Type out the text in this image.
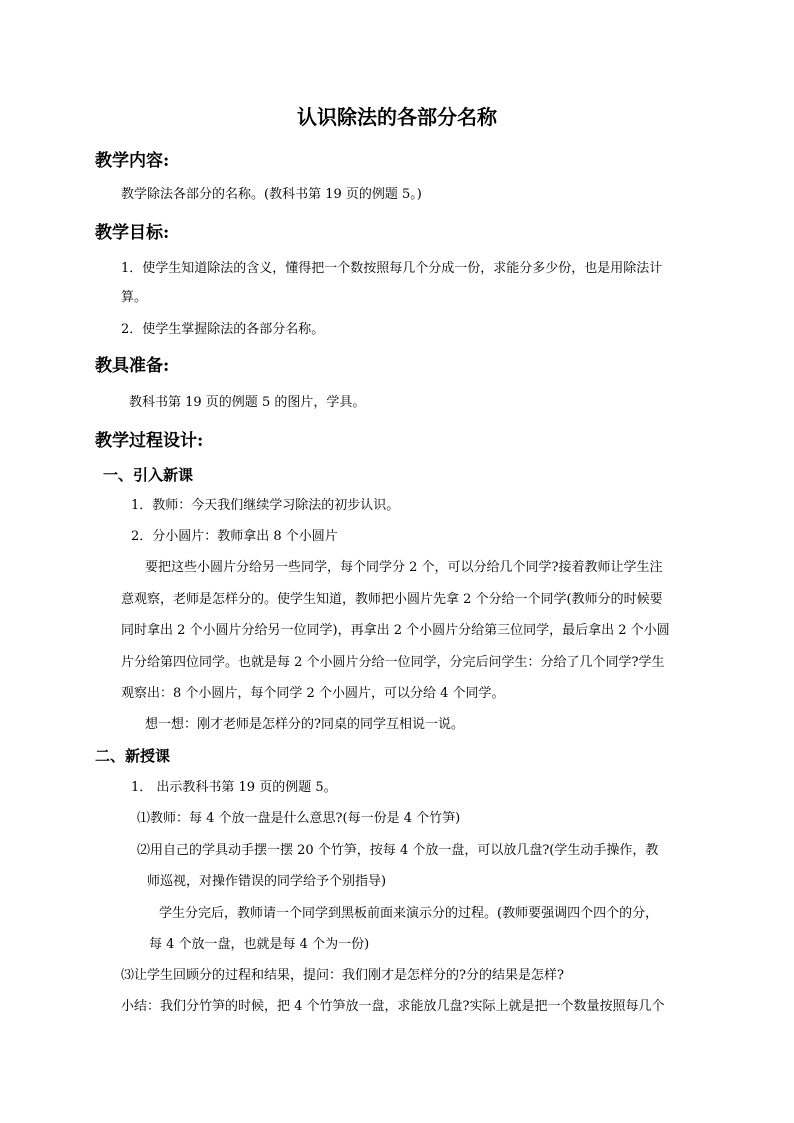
认识除法的各部分名称
教学内容:
教学除法各部分的名称。(教科书第 19 页的例题 5。)
教学目标:
1．使学生知道除法的含义，懂得把一个数按照每几个分成一份，求能分多少份，也是用除法计
算。
2．使学生掌握除法的各部分名称。
教具准备:
教科书第 19 页的例题 5 的图片，学具。
教学过程设计:
一、引入新课
1．教师：今天我们继续学习除法的初步认识。
2．分小圆片：教师拿出 8 个小圆片
要把这些小圆片分给另一些同学，每个同学分 2 个，可以分给几个同学?接着教师让学生注
意观察，老师是怎样分的。使学生知道，教师把小圆片先拿 2 个分给一个同学(教师分的时候要
同时拿出 2 个小圆片分给另一位同学)，再拿出 2 个小圆片分给第三位同学，最后拿出 2 个小圆
片分给第四位同学。也就是每 2 个小圆片分给一位同学，分完后问学生：分给了几个同学?学生
观察出：8 个小圆片，每个同学 2 个小圆片，可以分给 4 个同学。
想一想：刚才老师是怎样分的?同桌的同学互相说一说。
二、新授课
1． 出示教科书第 19 页的例题 5。
⑴教师：每 4 个放一盘是什么意思?(每一份是 4 个竹笋)
⑵用自己的学具动手摆一摆 20 个竹笋，按每 4 个放一盘，可以放几盘?(学生动手操作，教
师巡视，对操作错误的同学给予个别指导)
学生分完后，教师请一个同学到黑板前面来演示分的过程。(教师要强调四个四个的分，
每 4 个放一盘，也就是每 4 个为一份)
⑶让学生回顾分的过程和结果，提问：我们刚才是怎样分的?分的结果是怎样?
小结：我们分竹笋的时候，把 4 个竹笋放一盘，求能放几盘?实际上就是把一个数量按照每几个
